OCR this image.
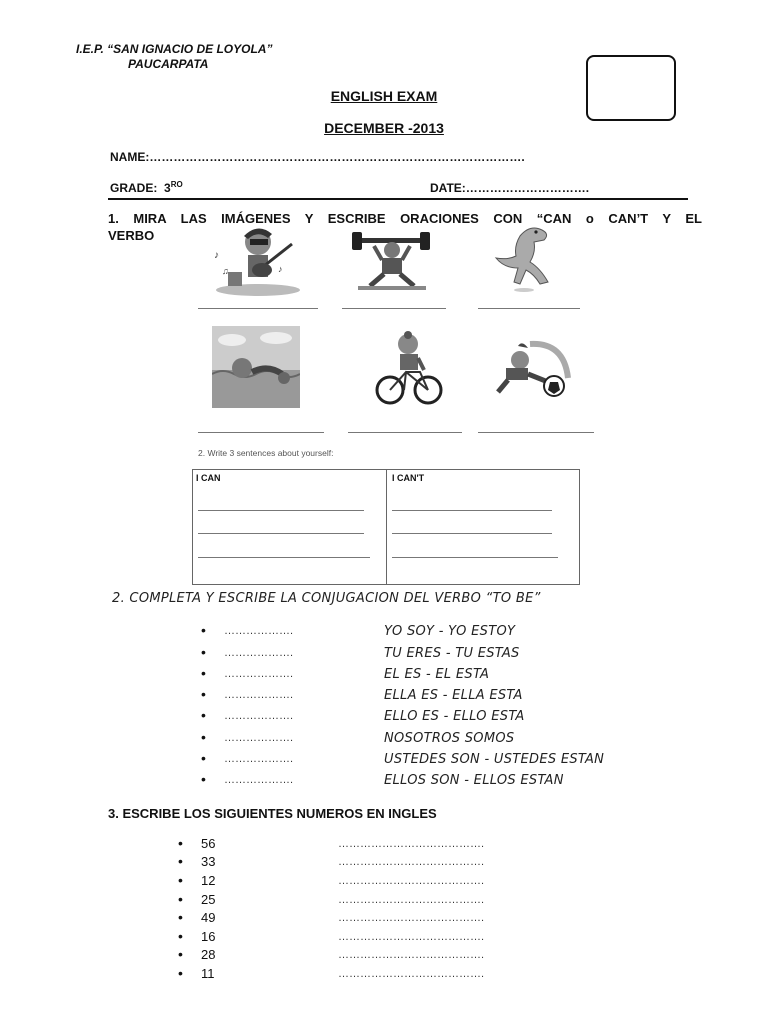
I.E.P. “SAN IGNACIO DE LOYOLA”
PAUCARPATA
ENGLISH EXAM
DECEMBER -2013
NAME:………………………………………………………………………………….
GRADE: $3^{RO}$	DATE:………………………….
1. MIRA LAS IMÁGENES Y ESCRIBE ORACIONES CON “CAN o CAN’T Y EL
VERBO
♪
♫	♪
2. Write 3 sentences about yourself:
I CAN	I CAN'T
2. COMPLETA Y ESCRIBE LA CONJUGACION DEL VERBO “TO BE”
• ……………….	YO SOY - YO ESTOY
• ……………….	TU ERES - TU ESTAS
• ……………….	EL ES - EL ESTA
• ……………….	ELLA ES - ELLA ESTA
• ……………….	ELLO ES - ELLO ESTA
• ……………….	NOSOTROS SOMOS
• ……………….	USTEDES SON - USTEDES ESTAN
• ……………….	ELLOS SON - ELLOS ESTAN
3. ESCRIBE LOS SIGUIENTES NUMEROS EN INGLES
• 56	………………………………….
• 33	………………………………….
• 12	………………………………….
• 25	………………………………….
• 49	………………………………….
• 16	………………………………….
• 28	………………………………….
• 11	………………………………….
